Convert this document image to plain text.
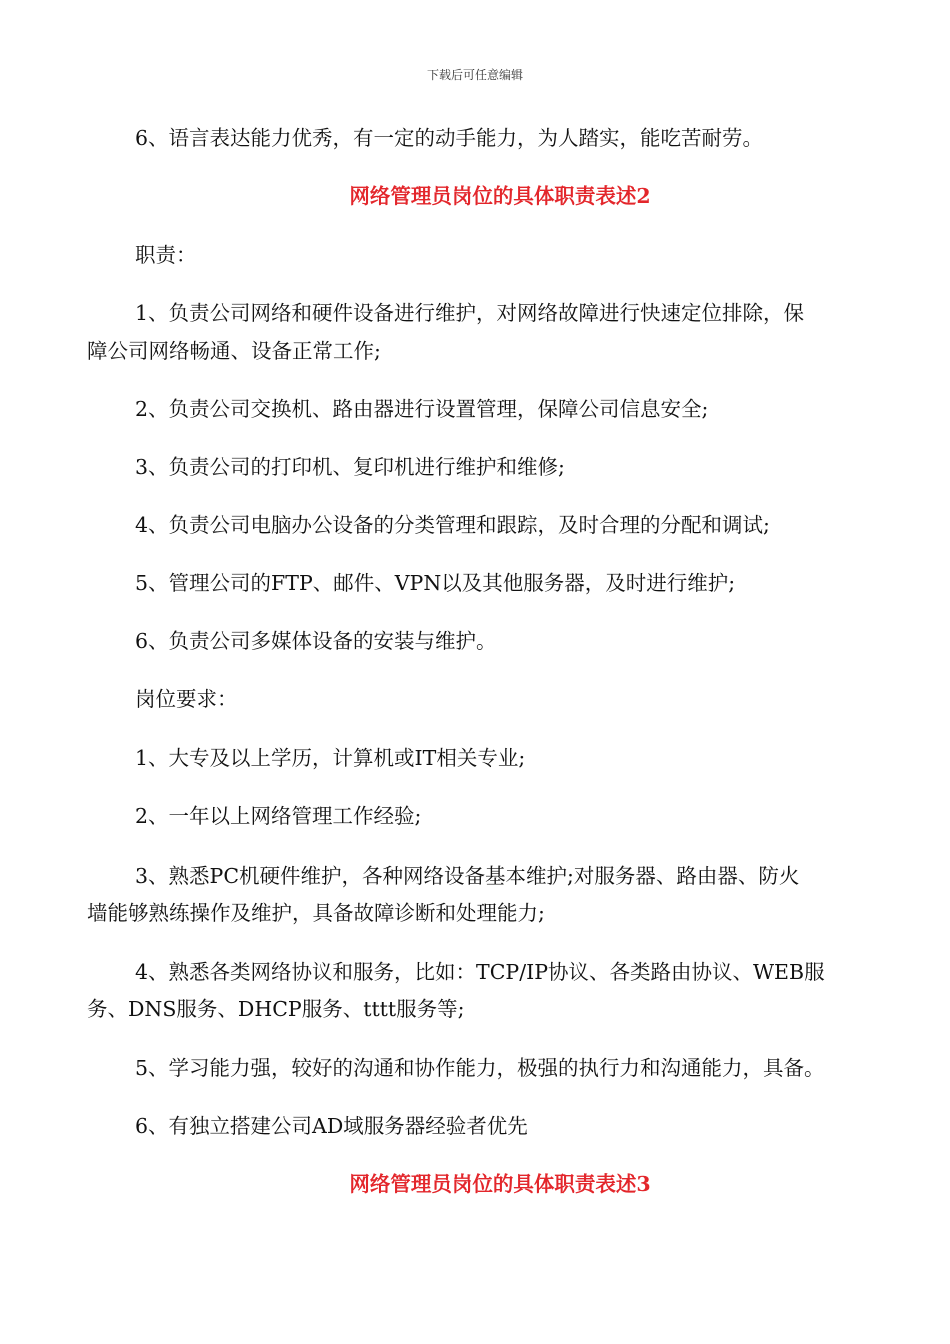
下载后可任意编辑
6、语言表达能力优秀，有一定的动手能力，为人踏实，能吃苦耐劳。
网络管理员岗位的具体职责表述2
职责：
1、负责公司网络和硬件设备进行维护，对网络故障进行快速定位排除，保
障公司网络畅通、设备正常工作;
2、负责公司交换机、路由器进行设置管理，保障公司信息安全;
3、负责公司的打印机、复印机进行维护和维修;
4、负责公司电脑办公设备的分类管理和跟踪，及时合理的分配和调试;
5、管理公司的FTP、邮件、VPN以及其他服务器，及时进行维护;
6、负责公司多媒体设备的安装与维护。
岗位要求：
1、大专及以上学历，计算机或IT相关专业;
2、一年以上网络管理工作经验;
3、熟悉PC机硬件维护，各种网络设备基本维护;对服务器、路由器、防火
墙能够熟练操作及维护，具备故障诊断和处理能力;
4、熟悉各类网络协议和服务，比如：TCP/IP协议、各类路由协议、WEB服
务、DNS服务、DHCP服务、tttt服务等;
5、学习能力强，较好的沟通和协作能力，极强的执行力和沟通能力，具备。
6、有独立搭建公司AD域服务器经验者优先
网络管理员岗位的具体职责表述3
